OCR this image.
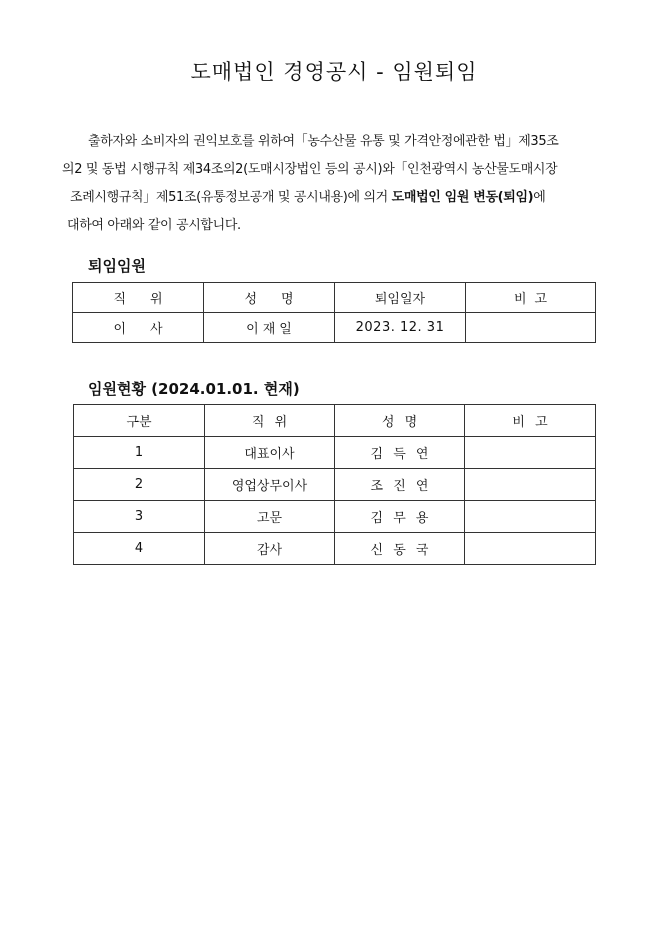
도매법인 경영공시 - 임원퇴임
출하자와 소비자의 권익보호를 위하여「농수산물 유통 및 가격안정에관한 법」제35조
의2 및 동법 시행규칙 제34조의2(도매시장법인 등의 공시)와「인천광역시 농산물도매시장
조례시행규칙」제51조(유통정보공개 및 공시내용)에 의거 도매법인 임원 변동(퇴임)에
대하여 아래와 같이 공시합니다.
퇴임임원
직위	성명	퇴임일자	비고
이사	이재일	2023. 12. 31	
임원현황 (2024.01.01. 현재)
구분	직 위	성 명	비 고
1	대표이사	김 득 연	
2	영업상무이사	조 진 연	
3	고문	김 무 용	
4	감사	신 동 국	
